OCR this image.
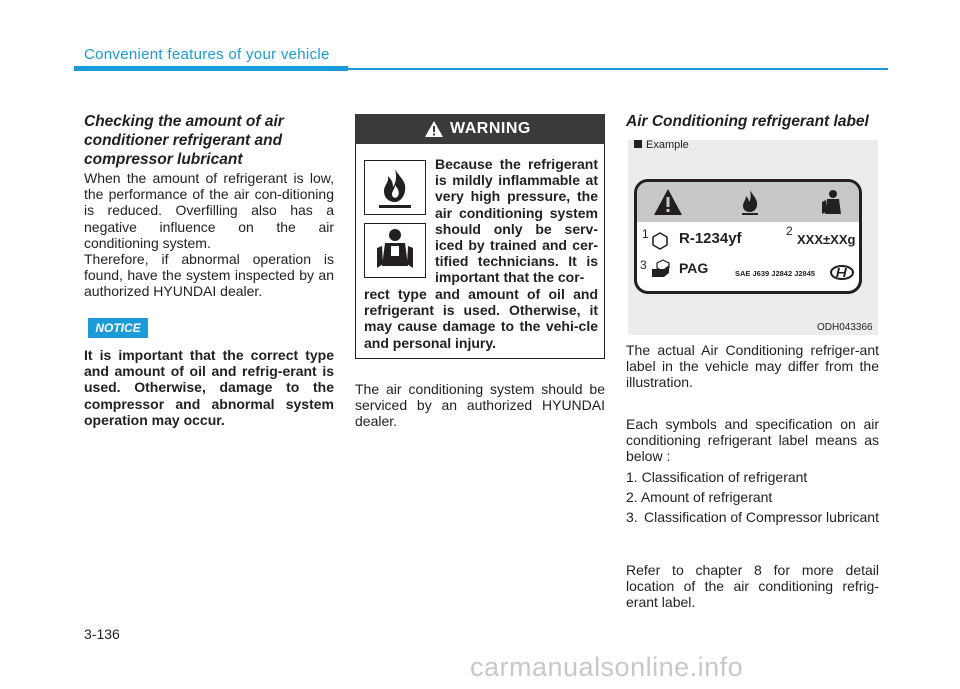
Convenient features of your vehicle
Checking the amount of air conditioner refrigerant and compressor lubricant

When the amount of refrigerant is low, the performance of the air con-ditioning is reduced. Overfilling also has a negative influence on the air conditioning system.

Therefore, if abnormal operation is found, have the system inspected by an authorized HYUNDAI dealer.

NOTICE

It is important that the correct type and amount of oil and refrig-erant is used. Otherwise, damage to the compressor and abnormal system operation may occur.

WARNING

Because the refrigerant is mildly inflammable at very high pressure, the air conditioning system should only be serv-iced by trained and cer-tified technicians. It is important that the cor-

rect type and amount of oil and refrigerant is used. Otherwise, it may cause damage to the vehi-cle and personal injury.

The air conditioning system should be serviced by an authorized HYUNDAI dealer.

Air Conditioning refrigerant label
Example
R-1234yf	XXX±XXg
PAG	SAE J639 J2842 J2845
1	2
3
ODH043366

The actual Air Conditioning refriger-ant label in the vehicle may differ from the illustration.

Each symbols and specification on air conditioning refrigerant label means as below :

1. Classification of refrigerant
2. Amount of refrigerant
3. Classification of Compressor lubricant

Refer to chapter 8 for more detail location of the air conditioning refrig-erant label.

3-136
carmanualsonline.info
